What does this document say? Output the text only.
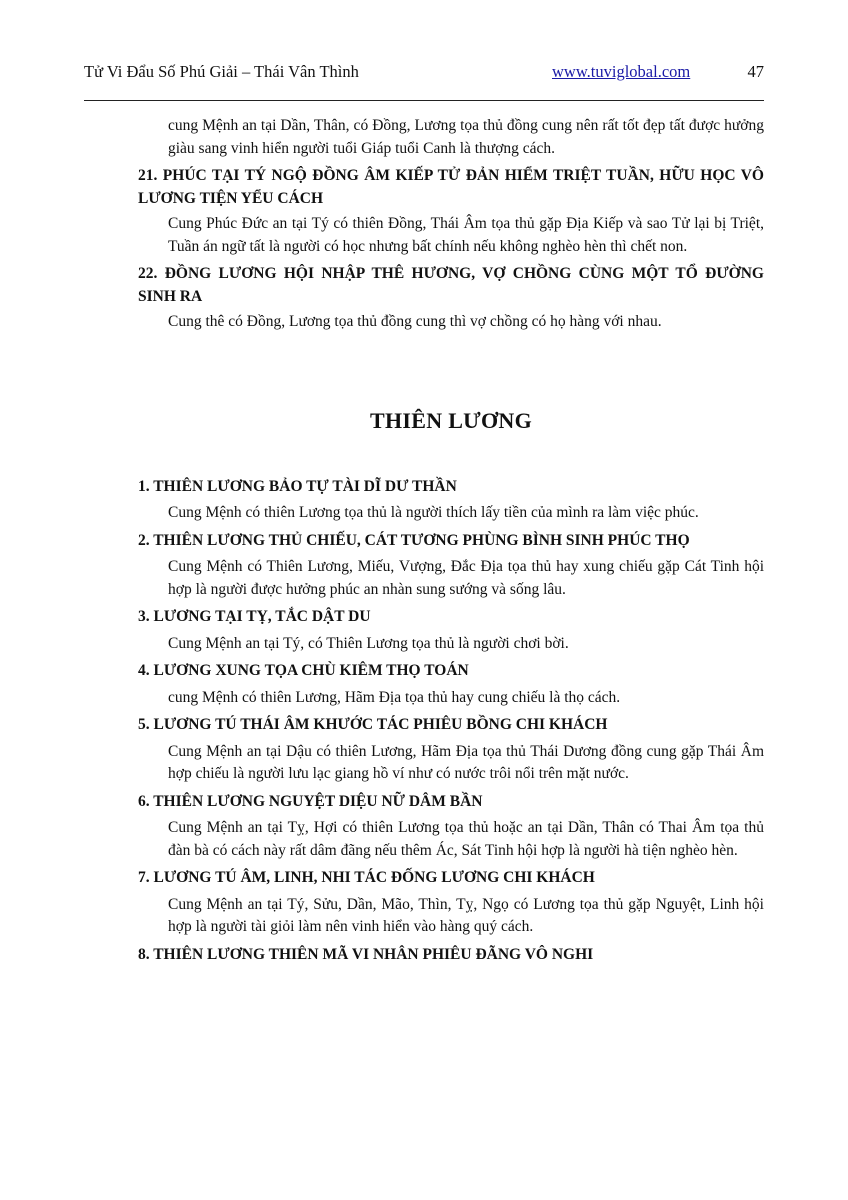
Tử Vi Đẩu Số Phú Giải – Thái Vân Thình	www.tuviglobal.com	47

cung Mệnh an tại Dần, Thân, có Đồng, Lương tọa thủ đồng cung nên rất tốt đẹp tất được hưởng giàu sang vinh hiển người tuổi Giáp tuổi Canh là thượng cách.

21. PHÚC TẠI TÝ NGỘ ĐỒNG ÂM KIẾP TỬ ĐẢN HIỂM TRIỆT TUẦN, HỮU HỌC VÔ LƯƠNG TIỆN YỂU CÁCH

Cung Phúc Đức an tại Tý có thiên Đồng, Thái Âm tọa thủ gặp Địa Kiếp và sao Tử lại bị Triệt, Tuần án ngữ tất là người có học nhưng bất chính nếu không nghèo hèn thì chết non.

22. ĐỒNG LƯƠNG HỘI NHẬP THÊ HƯƠNG, VỢ CHỒNG CÙNG MỘT TỔ ĐƯỜNG SINH RA

Cung thê có Đồng, Lương tọa thủ đồng cung thì vợ chồng có họ hàng với nhau.

THIÊN LƯƠNG

1. THIÊN LƯƠNG BẢO TỰ TÀI DĨ DƯ THẦN

Cung Mệnh có thiên Lương tọa thủ là người thích lấy tiền của mình ra làm việc phúc.

2. THIÊN LƯƠNG THỦ CHIẾU, CÁT TƯƠNG PHÙNG BÌNH SINH PHÚC THỌ

Cung Mệnh có Thiên Lương, Miếu, Vượng, Đắc Địa tọa thủ hay xung chiếu gặp Cát Tinh hội hợp là người được hưởng phúc an nhàn sung sướng và sống lâu.

3. LƯƠNG TẠI TỴ, TẮC DẬT DU

Cung Mệnh an tại Tý, có Thiên Lương tọa thủ là người chơi bời.

4. LƯƠNG XUNG TỌA CHÙ KIÊM THỌ TOÁN

cung Mệnh có thiên Lương, Hãm Địa tọa thủ hay cung chiếu là thọ cách.

5. LƯƠNG TÚ THÁI ÂM KHƯỚC TÁC PHIÊU BỒNG CHI KHÁCH

Cung Mệnh an tại Dậu có thiên Lương, Hãm Địa tọa thủ Thái Dương đồng cung gặp Thái Âm hợp chiếu là người lưu lạc giang hồ ví như có nước trôi nổi trên mặt nước.

6. THIÊN LƯƠNG NGUYỆT DIỆU NỮ DÂM BẦN

Cung Mệnh an tại Tỵ, Hợi có thiên Lương tọa thủ hoặc an tại Dần, Thân có Thai Âm tọa thủ đàn bà có cách này rất dâm đãng nếu thêm Ác, Sát Tinh hội hợp là người hà tiện nghèo hèn.

7. LƯƠNG TÚ ÂM, LINH, NHI TÁC ĐỐNG LƯƠNG CHI KHÁCH

Cung Mệnh an tại Tý, Sửu, Dần, Mão, Thìn, Tỵ, Ngọ có Lương tọa thủ gặp Nguyệt, Linh hội hợp là người tài giỏi làm nên vinh hiển vào hàng quý cách.

8. THIÊN LƯƠNG THIÊN MÃ VI NHÂN PHIÊU ĐÃNG VÔ NGHI
